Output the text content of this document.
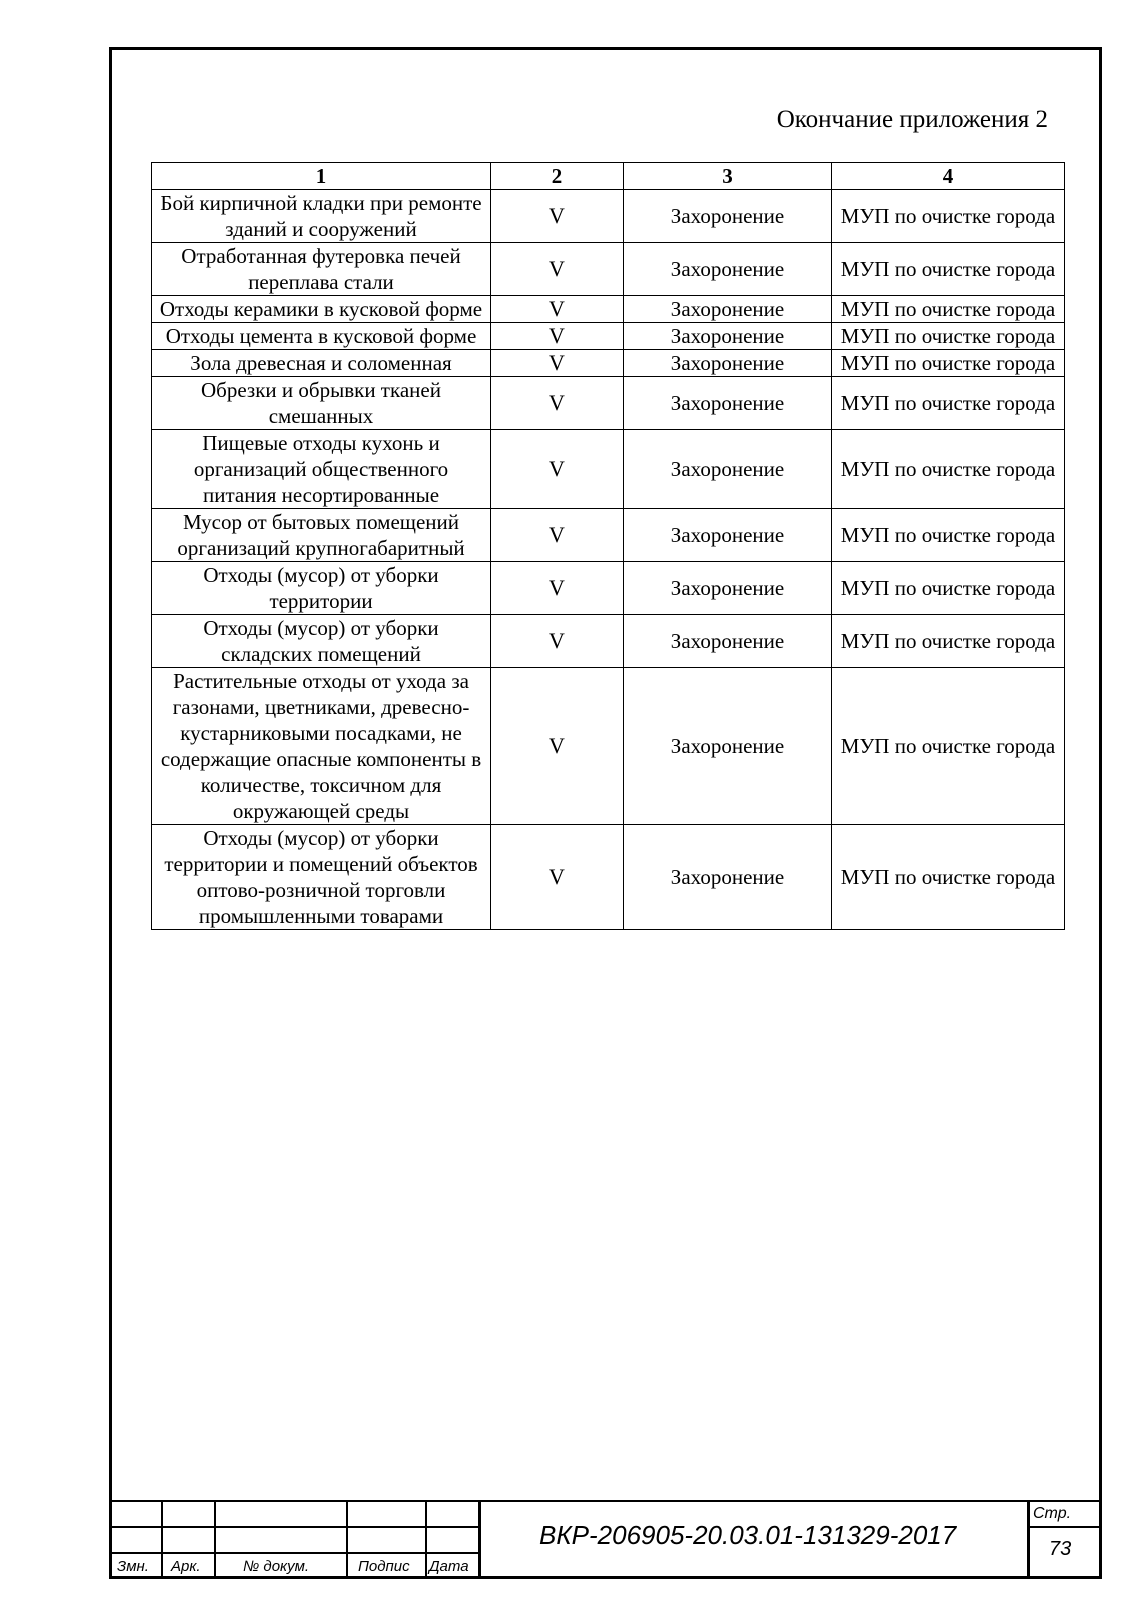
Окончание приложения 2
1	2	3	4
Бой кирпичной кладки при ремонте зданий и сооружений	V	Захоронение	МУП по очистке города
Отработанная футеровка печей переплава стали	V	Захоронение	МУП по очистке города
Отходы керамики в кусковой форме	V	Захоронение	МУП по очистке города
Отходы цемента в кусковой форме	V	Захоронение	МУП по очистке города
Зола древесная и соломенная	V	Захоронение	МУП по очистке города
Обрезки и обрывки тканей смешанных	V	Захоронение	МУП по очистке города
Пищевые отходы кухонь и организаций общественного питания несортированные	V	Захоронение	МУП по очистке города
Мусор от бытовых помещений организаций крупногабаритный	V	Захоронение	МУП по очистке города
Отходы (мусор) от уборки территории	V	Захоронение	МУП по очистке города
Отходы (мусор) от уборки складских помещений	V	Захоронение	МУП по очистке города
Растительные отходы от ухода за газонами, цветниками, древесно-кустарниковыми посадками, не содержащие опасные компоненты в количестве, токсичном для окружающей среды	V	Захоронение	МУП по очистке города
Отходы (мусор) от уборки территории и помещений объектов оптово-розничной торговли промышленными товарами	V	Захоронение	МУП по очистке города
Змн. Арк.	№ докум.	Подпис Дата
ВКР-206905-20.03.01-131329-2017
Стр.
73
